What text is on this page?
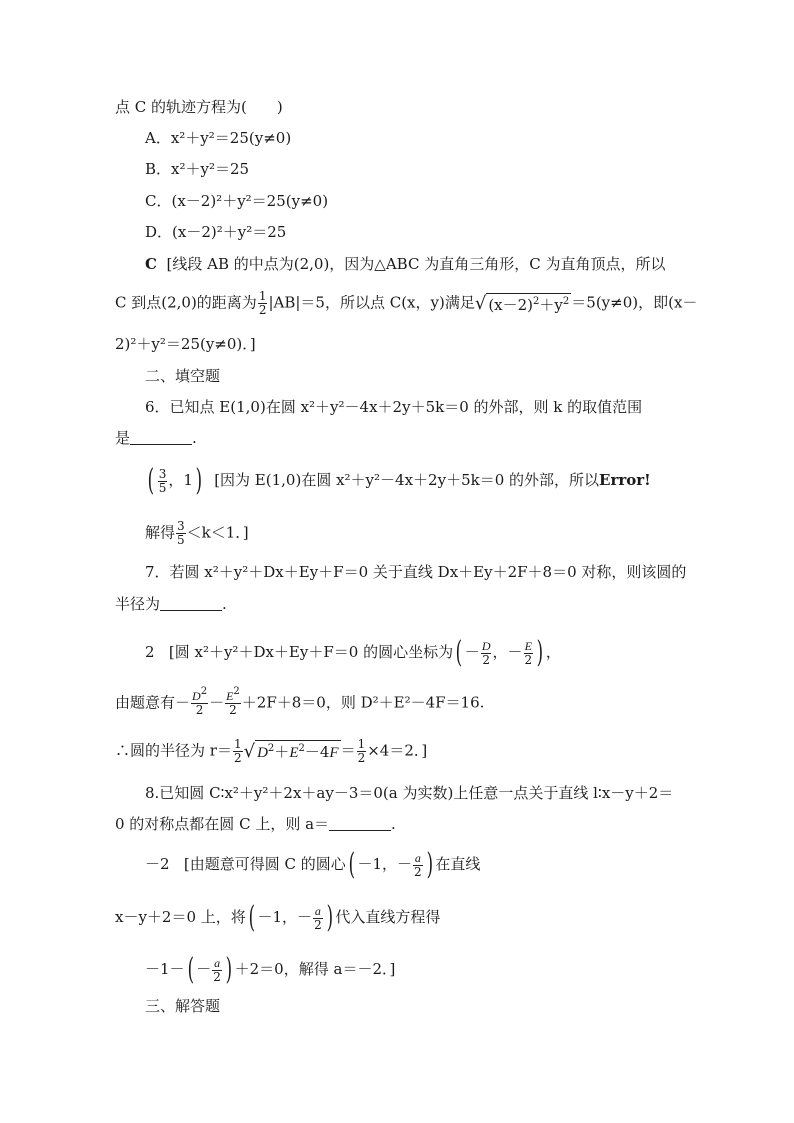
点 C 的轨迹方程为(　　)
A．x²＋y²＝25(y≠0)
B．x²＋y²＝25
C．(x－2)²＋y²＝25(y≠0)
D．(x－2)²＋y²＝25
C [线段 AB 的中点为(2,0)，因为△ABC 为直角三角形，C 为直角顶点，所以
C 到点(2,0)的距离为 $\frac{1}{2} |AB|=5$，所以点 C(x，y)满足√ $(x-2)^2+y^2 =5(y\ne 0)$，即(x－
2)²＋y²＝25(y≠0)．]
二、填空题
6．已知点 E(1,0)在圆 x²＋y²－4x＋2y＋5k＝0 的外部，则 k 的取值范围
是	.
( $\frac{3}{5}$ ，1) [因为 E(1,0)在圆 x²＋y²－4x＋2y＋5k＝0 的外部，所以Error!
解得 $\frac{3}{5} <k<1$．]
7．若圆 x²＋y²＋Dx＋Ey＋F＝0 关于直线 Dx＋Ey＋2F＋8＝0 对称，则该圆的
半径为	.
2 [圆 x²＋y²＋Dx＋Ey＋F＝0 的圆心坐标为( － $\frac{D}{2}$ ，－ $\frac{E}{2}$ ) ，
由题意有－ $\frac{D^2}{2} - \frac{E^2}{2} +2F+8=0$，则 D²＋E²－4F＝16.
∴圆的半径为 $r= \frac{1}{2}$ √ $D^2+E^2-4F = \frac{1}{2} \times 4=2$．]
8.已知圆 C∶x²＋y²＋2x＋ay－3＝0(a 为实数)上任意一点关于直线 l∶x－y＋2＝
0 的对称点都在圆 C 上，则 a＝	.
－2 [由题意可得圆 C 的圆心( －1，－ $\frac{a}{2}$ ) 在直线
x－y＋2＝0 上，将( －1，－ $\frac{a}{2}$ ) 代入直线方程得
$-1-( - \frac{a}{2}$ ) ＋2＝0，解得 a＝－2．]
三、解答题
